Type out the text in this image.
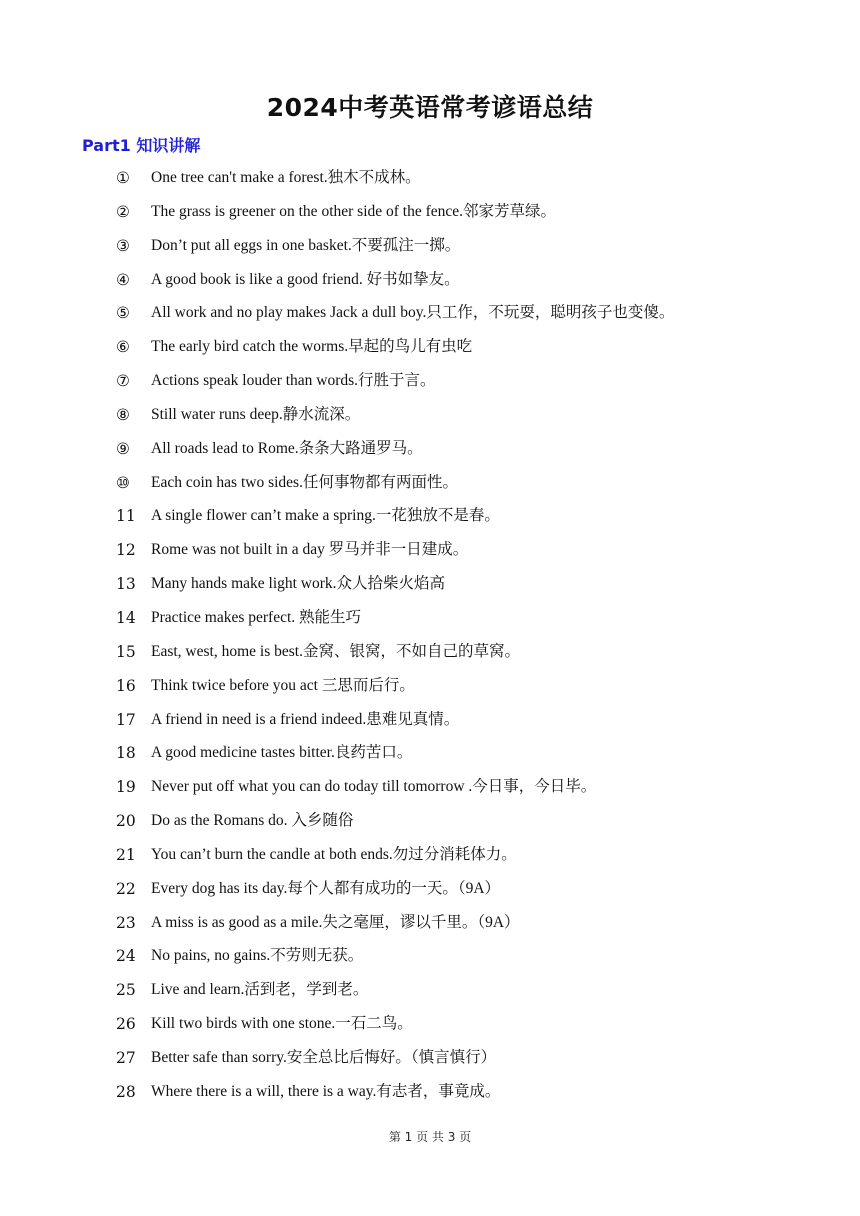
2024中考英语常考谚语总结
Part1 知识讲解
①	One tree can't make a forest.独木不成林。
②	The grass is greener on the other side of the fence.邻家芳草绿。
③	Don’t put all eggs in one basket.不要孤注一掷。
④	A good book is like a good friend. 好书如挚友。
⑤	All work and no play makes Jack a dull boy.只工作，不玩耍，聪明孩子也变傻。
⑥	The early bird catch the worms.早起的鸟儿有虫吃
⑦	Actions speak louder than words.行胜于言。
⑧	Still water runs deep.静水流深。
⑨	All roads lead to Rome.条条大路通罗马。
⑩	Each coin has two sides.任何事物都有两面性。
11 A single flower can’t make a spring.一花独放不是春。
12 Rome was not built in a day 罗马并非一日建成。
13 Many hands make light work.众人拾柴火焰高
14 Practice makes perfect. 熟能生巧
15 East, west, home is best.金窝、银窝，不如自己的草窝。
16 Think twice before you act 三思而后行。
17 A friend in need is a friend indeed.患难见真情。
18 A good medicine tastes bitter.良药苦口。
19 Never put off what you can do today till tomorrow .今日事，今日毕。
20 Do as the Romans do. 入乡随俗
21 You can’t burn the candle at both ends.勿过分消耗体力。
22 Every dog has its day.每个人都有成功的一天。（9A）
23 A miss is as good as a mile.失之毫厘，谬以千里。（9A）
24 No pains, no gains.不劳则无获。
25 Live and learn.活到老，学到老。
26 Kill two birds with one stone.一石二鸟。
27 Better safe than sorry.安全总比后悔好。（慎言慎行）
28 Where there is a will, there is a way.有志者，事竟成。
第 1 页 共 3 页
